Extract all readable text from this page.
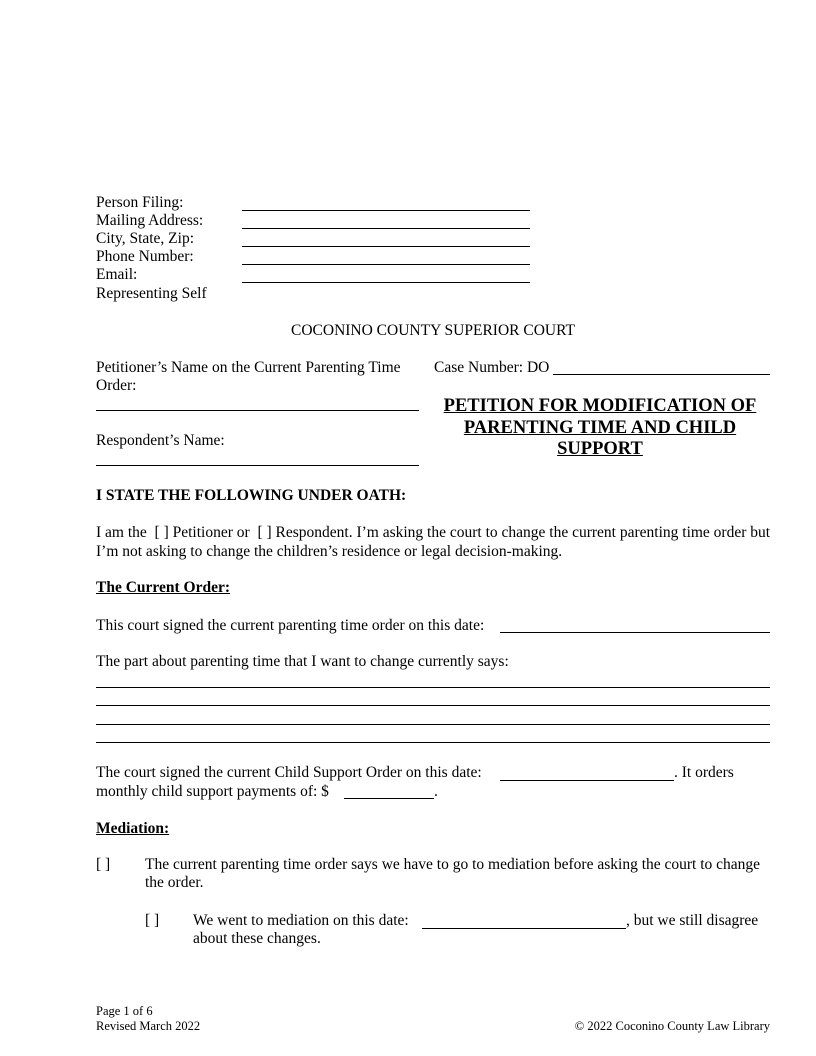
Person Filing:
Mailing Address:
City, State, Zip:
Phone Number:
Email:
Representing Self
COCONINO COUNTY SUPERIOR COURT
Petitioner’s Name on the Current Parenting Time Order:
Respondent’s Name:
Case Number: DO
PETITION FOR MODIFICATION OF PARENTING TIME AND CHILD SUPPORT
I STATE THE FOLLOWING UNDER OATH:
I am the [ ] Petitioner or [ ] Respondent. I’m asking the court to change the current parenting time order but I’m not asking to change the children’s residence or legal decision-making.
The Current Order:
This court signed the current parenting time order on this date:
The part about parenting time that I want to change currently says:
The court signed the current Child Support Order on this date:	. It orders
monthly child support payments of: $	.
Mediation:
[ ] The current parenting time order says we have to go to mediation before asking the court to change the order.
[ ] We went to mediation on this date:	, but we still disagree
about these changes.
Page 1 of 6
Revised March 2022	© 2022 Coconino County Law Library
